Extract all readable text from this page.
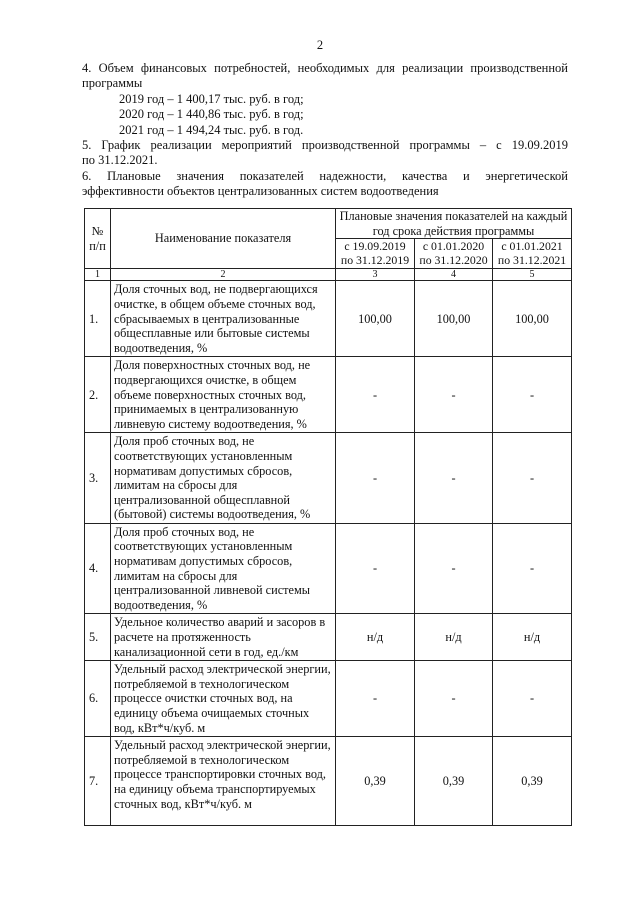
2

4. Объем финансовых потребностей, необходимых для реализации производственной

программы

2019 год – 1 400,17 тыс. руб. в год;

2020 год – 1 440,86 тыс. руб. в год;

2021 год – 1 494,24 тыс. руб. в год.

5. График реализации мероприятий производственной программы – с 19.09.2019

по 31.12.2021.

6. Плановые значения показателей надежности, качества и энергетической

эффективности объектов централизованных систем водоотведения

№ п/п	Наименование показателя	Плановые значения показателей на каждый год срока действия программы		
		с 19.09.2019 по 31.12.2019	с 01.01.2020 по 31.12.2020	с 01.01.2021 по 31.12.2021
1	2	3	4	5
1.	Доля сточных вод, не подвергающихся очистке, в общем объеме сточных вод, сбрасываемых в централизованные общесплавные или бытовые системы водоотведения, %	100,00	100,00	100,00
2.	Доля поверхностных сточных вод, не подвергающихся очистке, в общем объеме поверхностных сточных вод, принимаемых в централизованную ливневую систему водоотведения, %	-	-	-
3.	Доля проб сточных вод, не соответствующих установленным нормативам допустимых сбросов, лимитам на сбросы для централизованной общесплавной (бытовой) системы водоотведения, %	-	-	-
4.	Доля проб сточных вод, не соответствующих установленным нормативам допустимых сбросов, лимитам на сбросы для централизованной ливневой системы водоотведения, %	-	-	-
5.	Удельное количество аварий и засоров в расчете на протяженность канализационной сети в год, ед./км	н/д	н/д	н/д
6.	Удельный расход электрической энергии, потребляемой в технологическом процессе очистки сточных вод, на единицу объема очищаемых сточных вод, кВт*ч/куб. м	-	-	-
7.	Удельный расход электрической энергии, потребляемой в технологическом процессе транспортировки сточных вод, на единицу объема транспортируемых сточных вод, кВт*ч/куб. м	0,39	0,39	0,39
